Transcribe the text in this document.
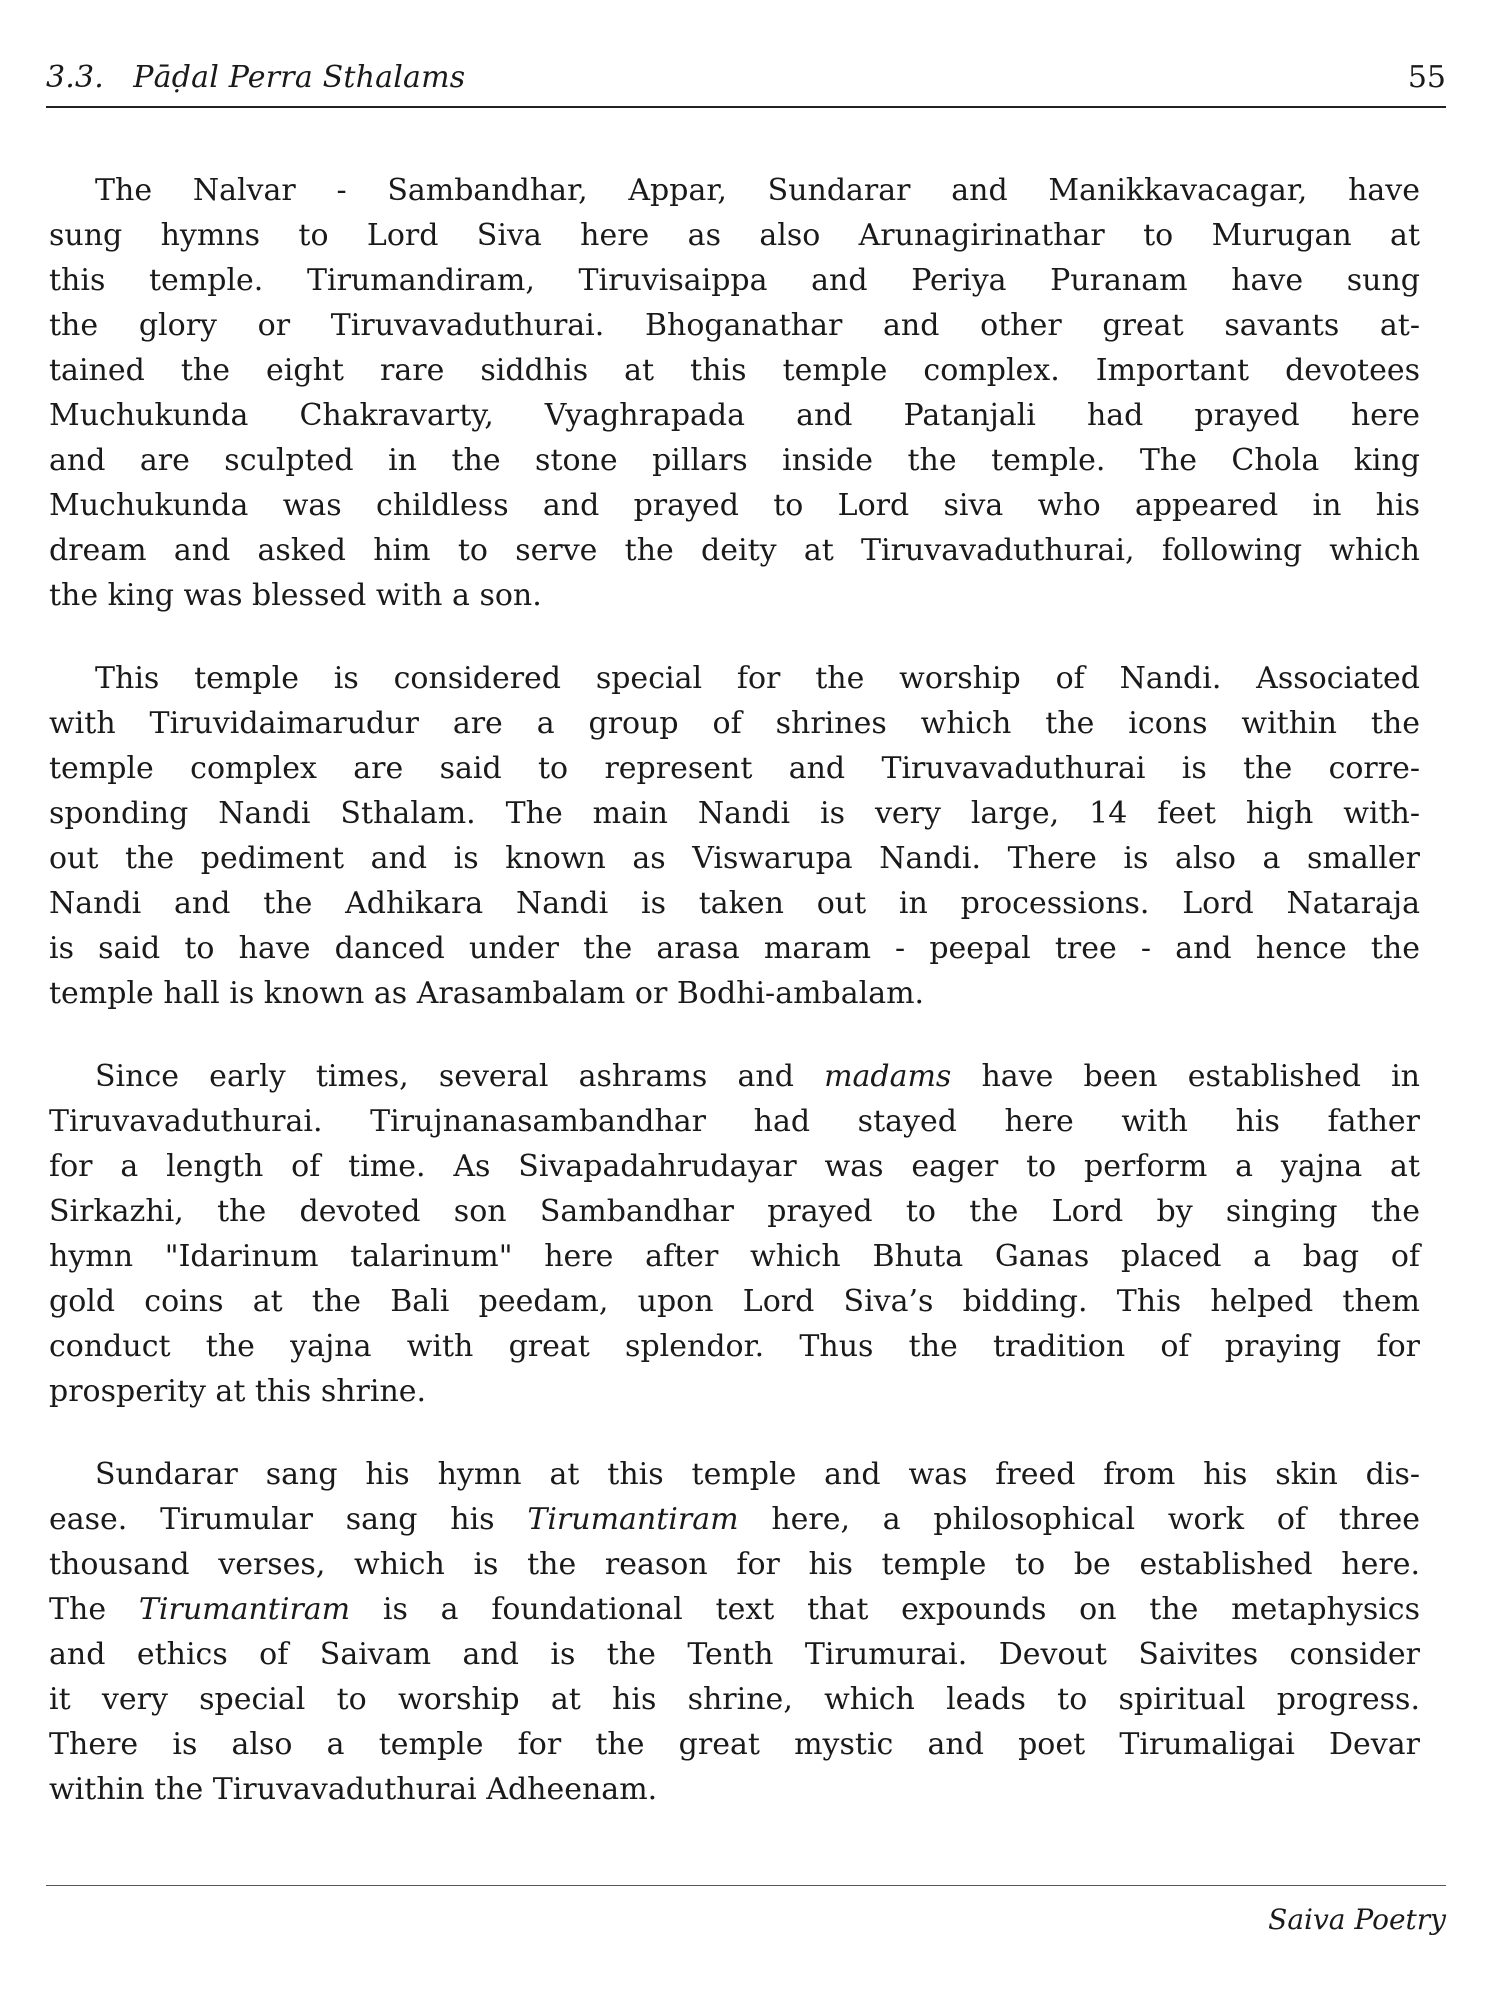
3.3. Pāḍal Perra Sthalams	55
The Nalvar - Sambandhar, Appar, Sundarar and Manikkavacagar, have
sung hymns to Lord Siva here as also Arunagirinathar to Murugan at
this temple. Tirumandiram, Tiruvisaippa and Periya Puranam have sung
the glory or Tiruvavaduthurai. Bhoganathar and other great savants at-
tained the eight rare siddhis at this temple complex. Important devotees
Muchukunda Chakravarty, Vyaghrapada and Patanjali had prayed here
and are sculpted in the stone pillars inside the temple. The Chola king
Muchukunda was childless and prayed to Lord siva who appeared in his
dream and asked him to serve the deity at Tiruvavaduthurai, following which
the king was blessed with a son.
This temple is considered special for the worship of Nandi. Associated
with Tiruvidaimarudur are a group of shrines which the icons within the
temple complex are said to represent and Tiruvavaduthurai is the corre-
sponding Nandi Sthalam. The main Nandi is very large, 14 feet high with-
out the pediment and is known as Viswarupa Nandi. There is also a smaller
Nandi and the Adhikara Nandi is taken out in processions. Lord Nataraja
is said to have danced under the arasa maram - peepal tree - and hence the
temple hall is known as Arasambalam or Bodhi-ambalam.
Since early times, several ashrams and madams have been established in
Tiruvavaduthurai. Tirujnanasambandhar had stayed here with his father
for a length of time. As Sivapadahrudayar was eager to perform a yajna at
Sirkazhi, the devoted son Sambandhar prayed to the Lord by singing the
hymn "Idarinum talarinum" here after which Bhuta Ganas placed a bag of
gold coins at the Bali peedam, upon Lord Siva’s bidding. This helped them
conduct the yajna with great splendor. Thus the tradition of praying for
prosperity at this shrine.
Sundarar sang his hymn at this temple and was freed from his skin dis-
ease. Tirumular sang his Tirumantiram here, a philosophical work of three
thousand verses, which is the reason for his temple to be established here.
The Tirumantiram is a foundational text that expounds on the metaphysics
and ethics of Saivam and is the Tenth Tirumurai. Devout Saivites consider
it very special to worship at his shrine, which leads to spiritual progress.
There is also a temple for the great mystic and poet Tirumaligai Devar
within the Tiruvavaduthurai Adheenam.
Saiva Poetry
